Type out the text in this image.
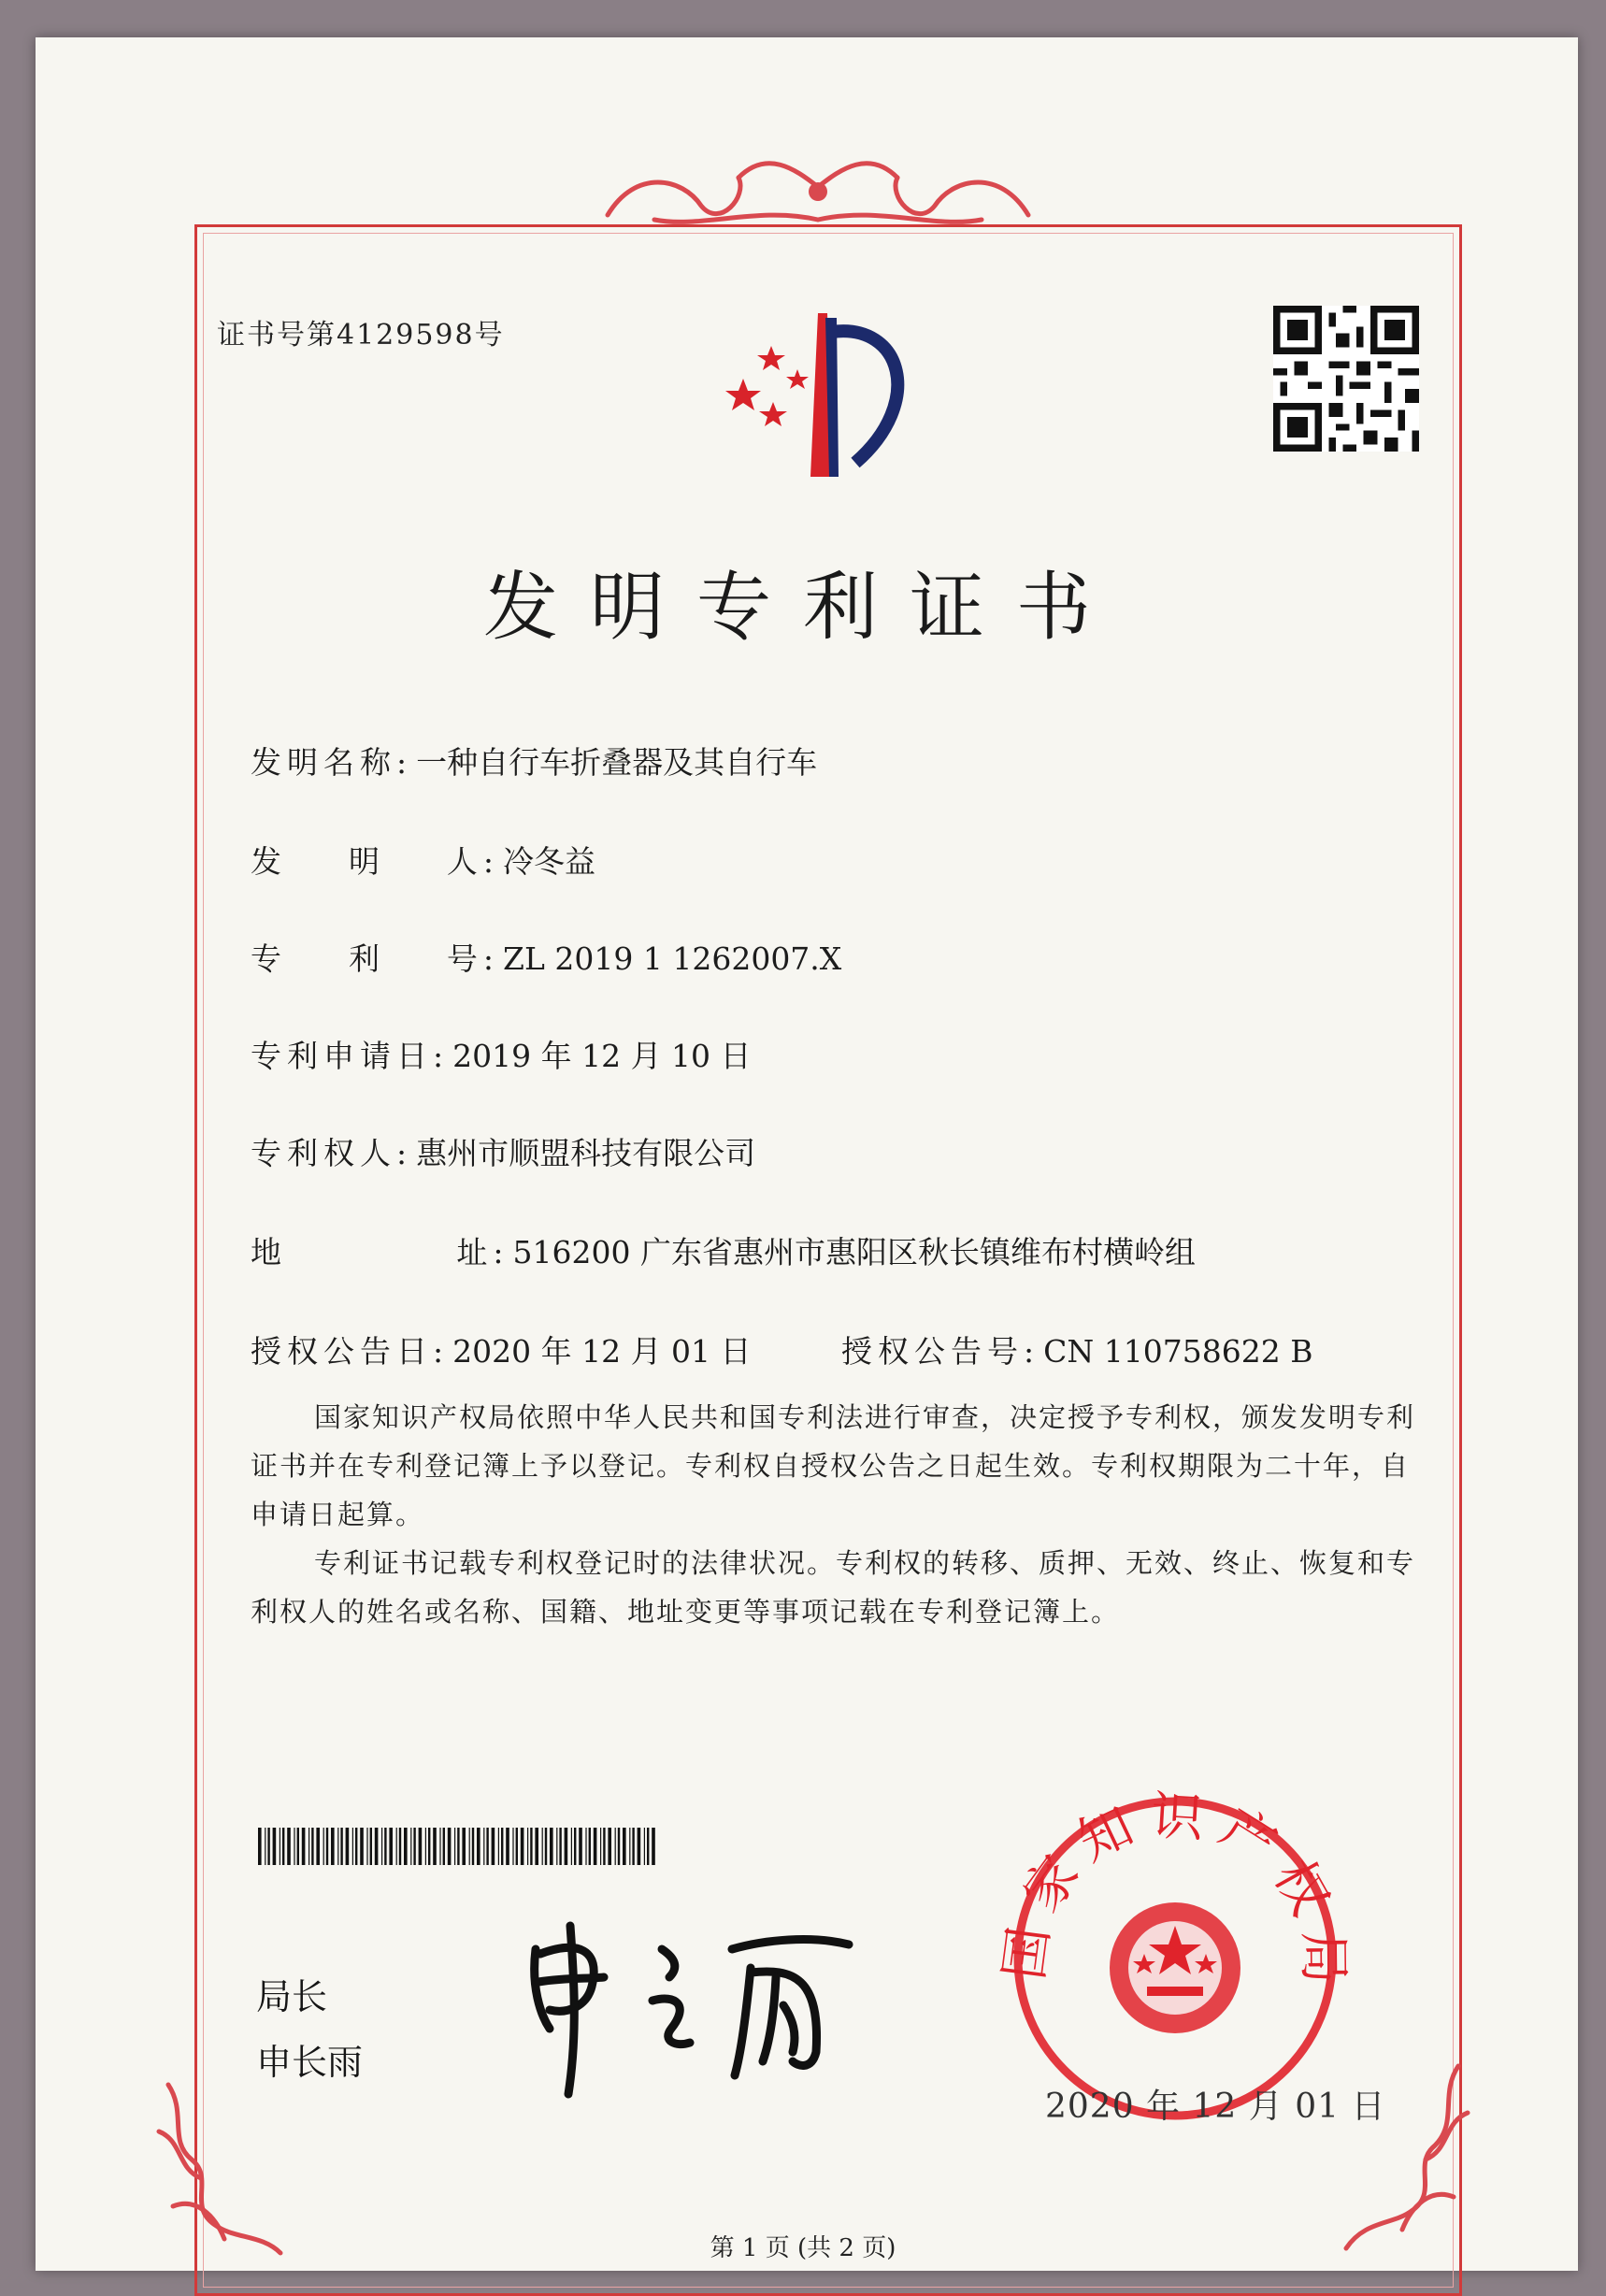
证书号第4129598号
发明专利证书
发明名称: 一种自行车折叠器及其自行车
发    明    人: 冷冬益
专    利    号: ZL 2019 1 1262007.X
专利申请日: 2019 年 12 月 10 日
专利权人: 惠州市顺盟科技有限公司
地           址: 516200 广东省惠州市惠阳区秋长镇维布村横岭组
授权公告日: 2020 年 12 月 01 日	授权公告号: CN 110758622 B
国家知识产权局依照中华人民共和国专利法进行审查，决定授予专利权，颁发发明专利证书并在专利登记簿上予以登记。专利权自授权公告之日起生效。专利权期限为二十年，自申请日起算。
专利证书记载专利权登记时的法律状况。专利权的转移、质押、无效、终止、恢复和专利权人的姓名或名称、国籍、地址变更等事项记载在专利登记簿上。
局长
申长雨
国家知识产权局
2020 年 12 月 01 日
第 1 页 (共 2 页)
